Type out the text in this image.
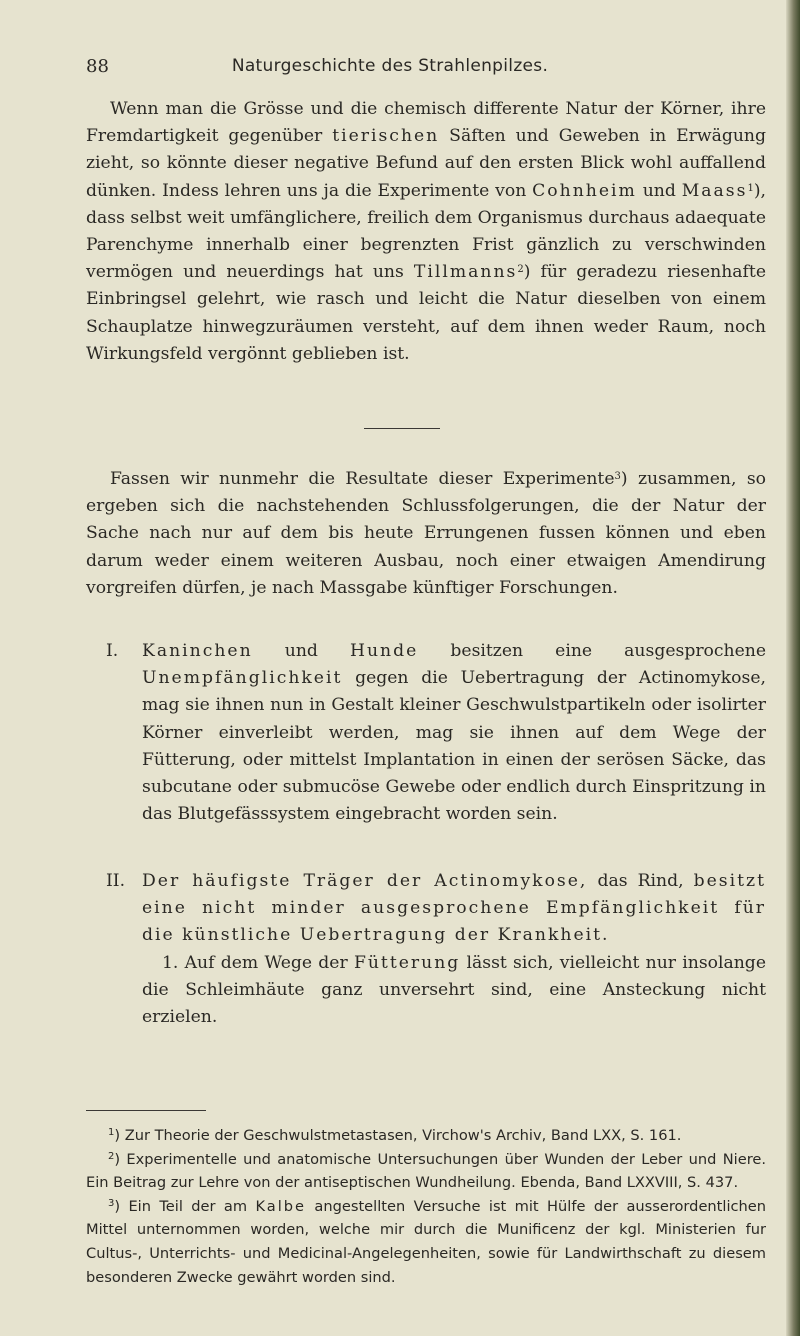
Naturgeschichte des Strahlenpilzes.
88

Wenn man die Grösse und die chemisch differente Natur der Körner, ihre Fremdartigkeit gegenüber tierischen Säften und Geweben in Erwägung zieht, so könnte dieser negative Befund auf den ersten Blick wohl auffallend dünken. Indess lehren uns ja die Experimente von Cohnheim und Maass$^1$), dass selbst weit umfänglichere, freilich dem Organismus durchaus adaequate Parenchyme innerhalb einer begrenzten Frist gänzlich zu verschwinden vermögen und neuerdings hat uns Tillmanns$^2$) für geradezu riesenhafte Einbringsel gelehrt, wie rasch und leicht die Natur dieselben von einem Schauplatze hinwegzuräumen versteht, auf dem ihnen weder Raum, noch Wirkungsfeld vergönnt geblieben ist.

Fassen wir nunmehr die Resultate dieser Experimente$^3$) zusammen, so ergeben sich die nachstehenden Schlussfolgerungen, die der Natur der Sache nach nur auf dem bis heute Errungenen fussen können und eben darum weder einem weiteren Ausbau, noch einer etwaigen Amendirung vorgreifen dürfen, je nach Massgabe künftiger Forschungen.

I. Kaninchen und Hunde besitzen eine ausgesprochene Unempfänglichkeit gegen die Uebertragung der Actinomykose, mag sie ihnen nun in Gestalt kleiner Geschwulstpartikeln oder isolirter Körner einverleibt werden, mag sie ihnen auf dem Wege der Fütterung, oder mittelst Implantation in einen der serösen Säcke, das subcutane oder submucöse Gewebe oder endlich durch Einspritzung in das Blutgefässsystem eingebracht worden sein.

II. Der häufigste Träger der Actinomykose, das Rind, besitzt eine nicht minder ausgesprochene Empfänglichkeit für die künstliche Uebertragung der Krankheit.

1. Auf dem Wege der Fütterung lässt sich, vielleicht nur insolange die Schleimhäute ganz unversehrt sind, eine Ansteckung nicht erzielen.

$^1$) Zur Theorie der Geschwulstmetastasen, Virchow's Archiv, Band LXX, S. 161.

$^2$) Experimentelle und anatomische Untersuchungen über Wunden der Leber und Niere. Ein Beitrag zur Lehre von der antiseptischen Wundheilung. Ebenda, Band LXXVIII, S. 437.

$^3$) Ein Teil der am Kalbe angestellten Versuche ist mit Hülfe der ausserordentlichen Mittel unternommen worden, welche mir durch die Munificenz der kgl. Ministerien fur Cultus-, Unterrichts- und Medicinal-Angelegenheiten, sowie für Landwirthschaft zu diesem besonderen Zwecke gewährt worden sind.
